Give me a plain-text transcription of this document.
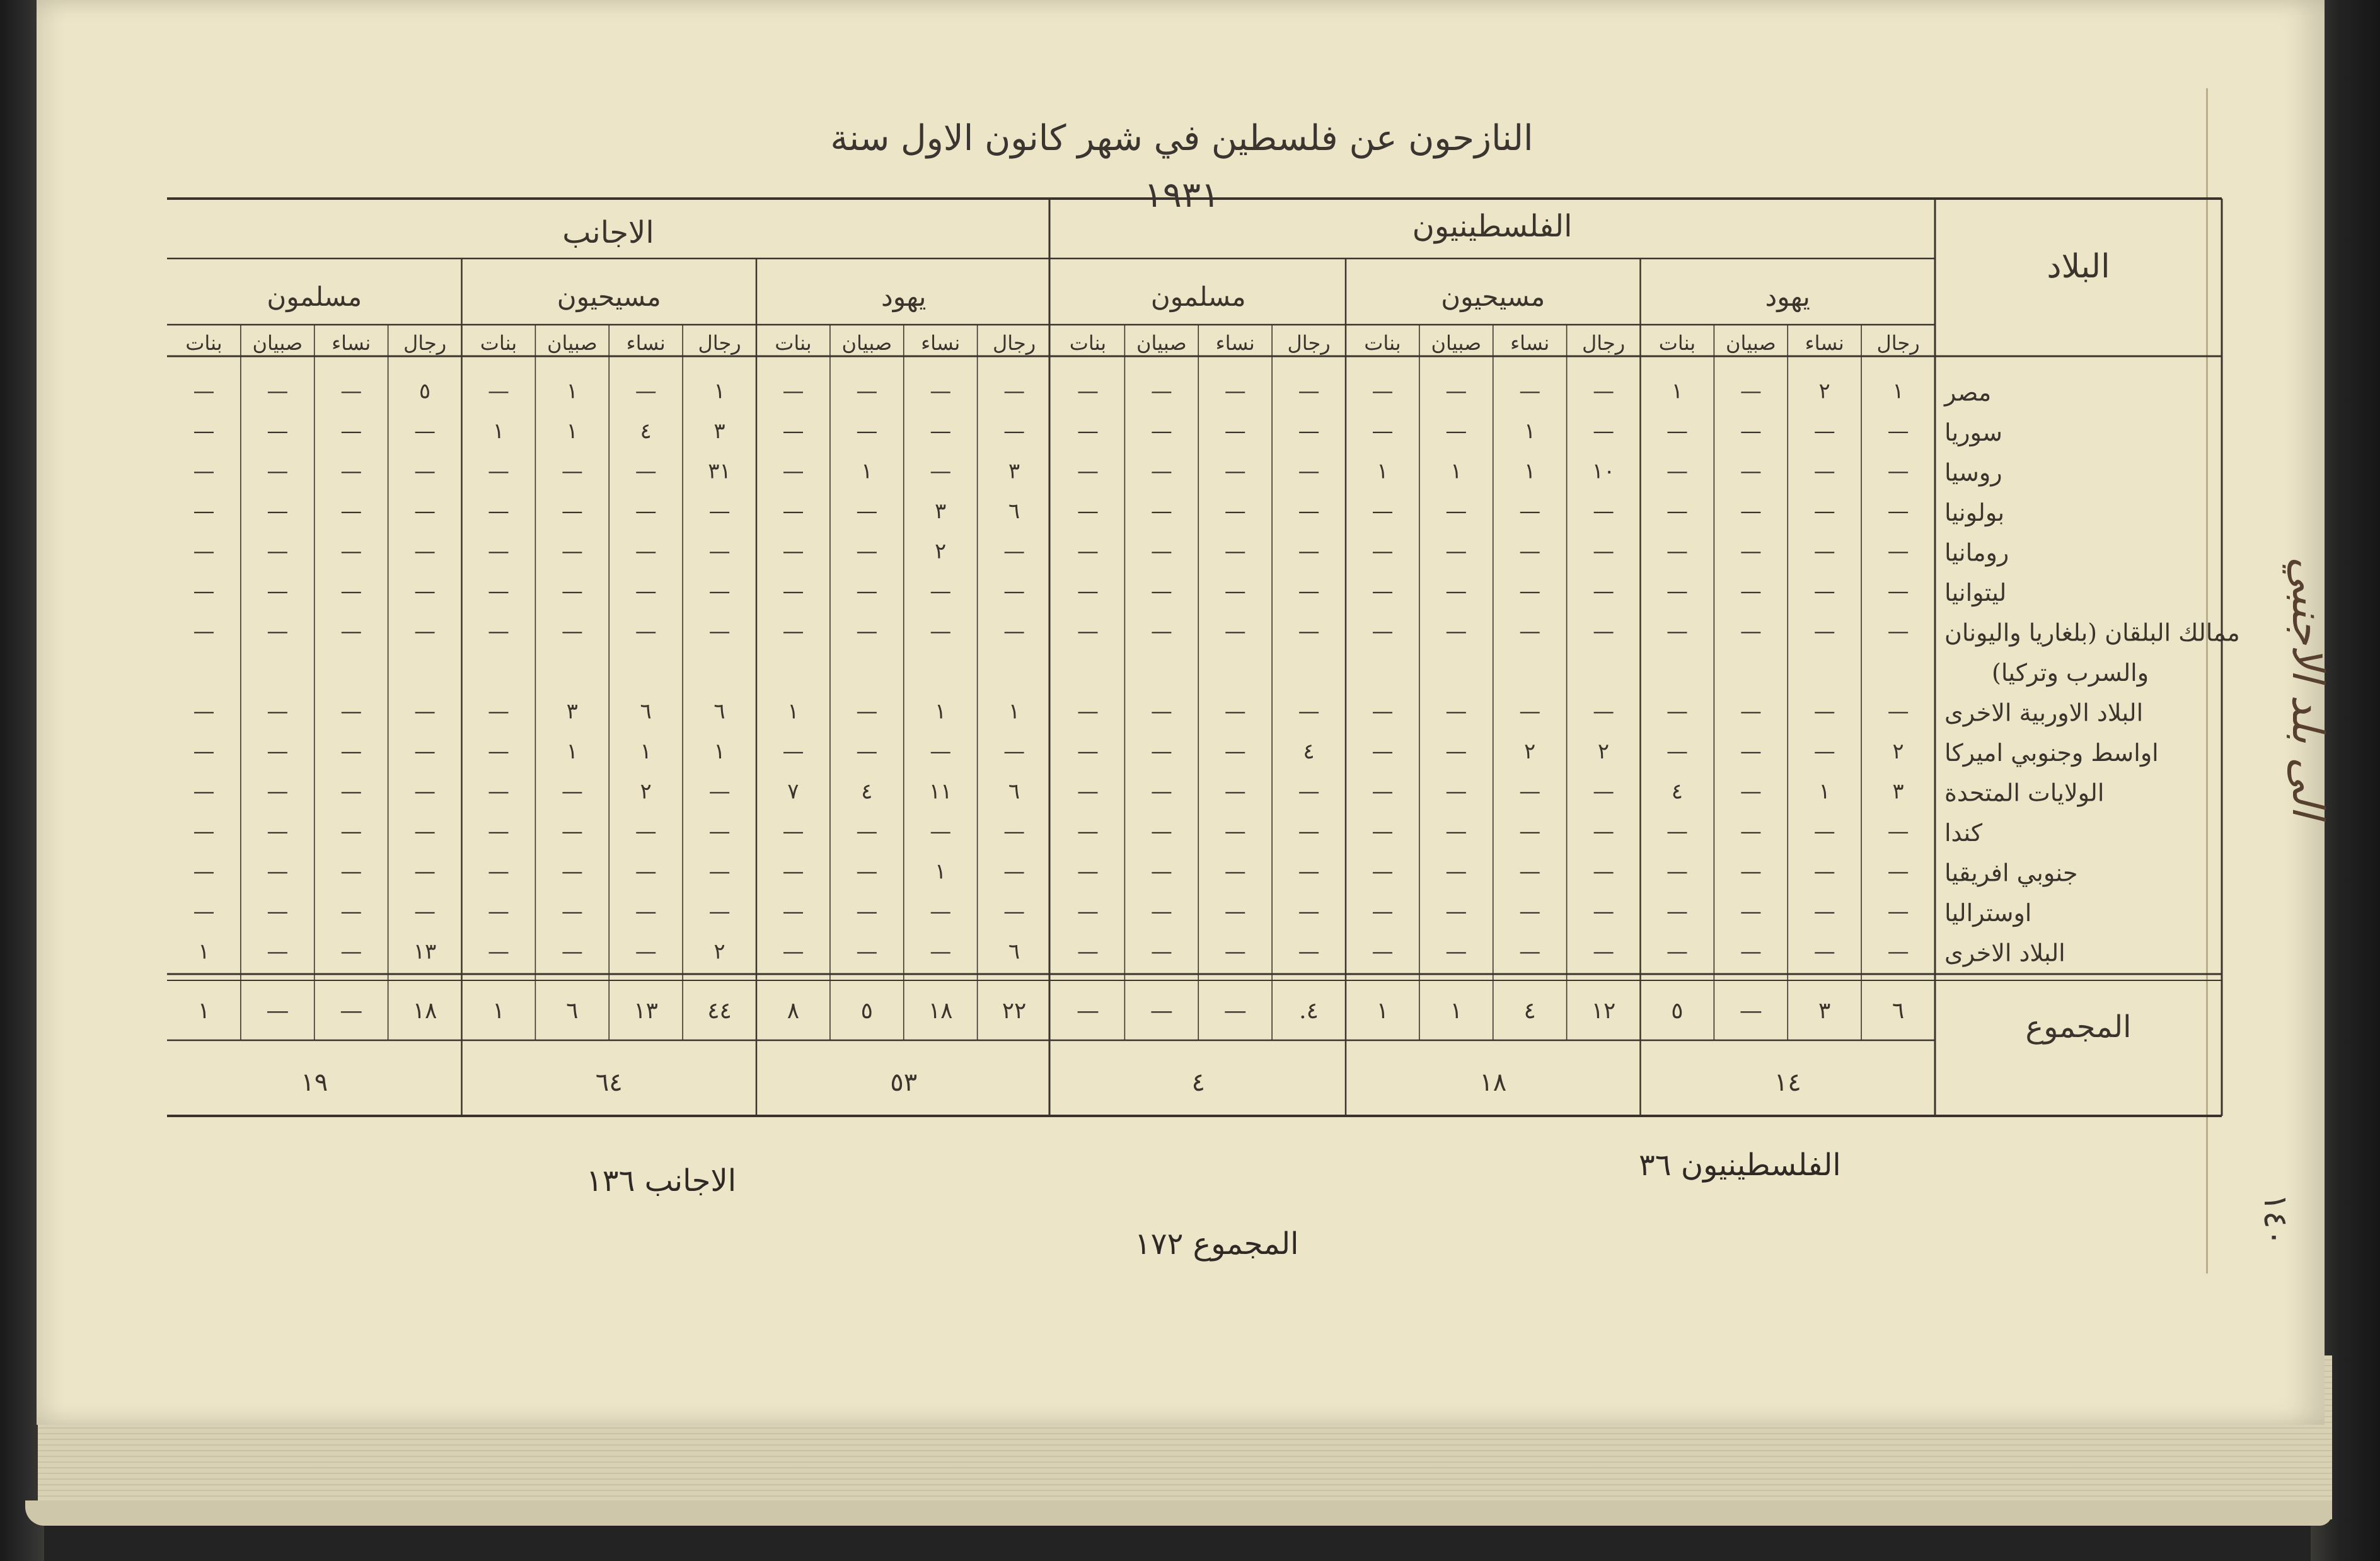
النازحون عن فلسطين في شهر كانون الاول سنة ١٩٣١
البلاد
الفلسطينيون
الاجانب
يهود
رجال
نساء
صبيان
بنات
مسيحيون
رجال
نساء
صبيان
بنات
مسلمون
رجال
نساء
صبيان
بنات
يهود
رجال
نساء
صبيان
بنات
مسيحيون
رجال
نساء
صبيان
بنات
مسلمون
رجال
نساء
صبيان
بنات
مصر
١
٢
—
١
—
—
—
—
—
—
—
—
—
—
—
—
١
—
١
—
٥
—
—
—
سوريا
—
—
—
—
—
١
—
—
—
—
—
—
—
—
—
—
٣
٤
١
١
—
—
—
—
روسيا
—
—
—
—
١٠
١
١
١
—
—
—
—
٣
—
١
—
٣١
—
—
—
—
—
—
—
بولونيا
—
—
—
—
—
—
—
—
—
—
—
—
٦
٣
—
—
—
—
—
—
—
—
—
—
رومانيا
—
—
—
—
—
—
—
—
—
—
—
—
—
٢
—
—
—
—
—
—
—
—
—
—
ليتوانيا
—
—
—
—
—
—
—
—
—
—
—
—
—
—
—
—
—
—
—
—
—
—
—
—
ممالك البلقان (بلغاريا واليونان
والسرب وتركيا)
—
—
—
—
—
—
—
—
—
—
—
—
—
—
—
—
—
—
—
—
—
—
—
—
البلاد الاوربية الاخرى
—
—
—
—
—
—
—
—
—
—
—
—
١
١
—
١
٦
٦
٣
—
—
—
—
—
اواسط وجنوبي اميركا
٢
—
—
—
٢
٢
—
—
٤
—
—
—
—
—
—
—
١
١
١
—
—
—
—
—
الولايات المتحدة
٣
١
—
٤
—
—
—
—
—
—
—
—
٦
١١
٤
٧
—
٢
—
—
—
—
—
—
كندا
—
—
—
—
—
—
—
—
—
—
—
—
—
—
—
—
—
—
—
—
—
—
—
—
جنوبي افريقيا
—
—
—
—
—
—
—
—
—
—
—
—
—
١
—
—
—
—
—
—
—
—
—
—
اوستراليا
—
—
—
—
—
—
—
—
—
—
—
—
—
—
—
—
—
—
—
—
—
—
—
—
البلاد الاخرى
—
—
—
—
—
—
—
—
—
—
—
—
٦
—
—
—
٢
—
—
—
١٣
—
—
١
المجموع
٦
٣
—
٥
١٢
٤
١
١
٤.
—
—
—
٢٢
١٨
٥
٨
٤٤
١٣
٦
١
١٨
—
—
١
١٤
١٨
٤
٥٣
٦٤
١٩
الى بلد الاجنبي
١٤٠
الفلسطينيون ٣٦
الاجانب ١٣٦
المجموع ١٧٢
